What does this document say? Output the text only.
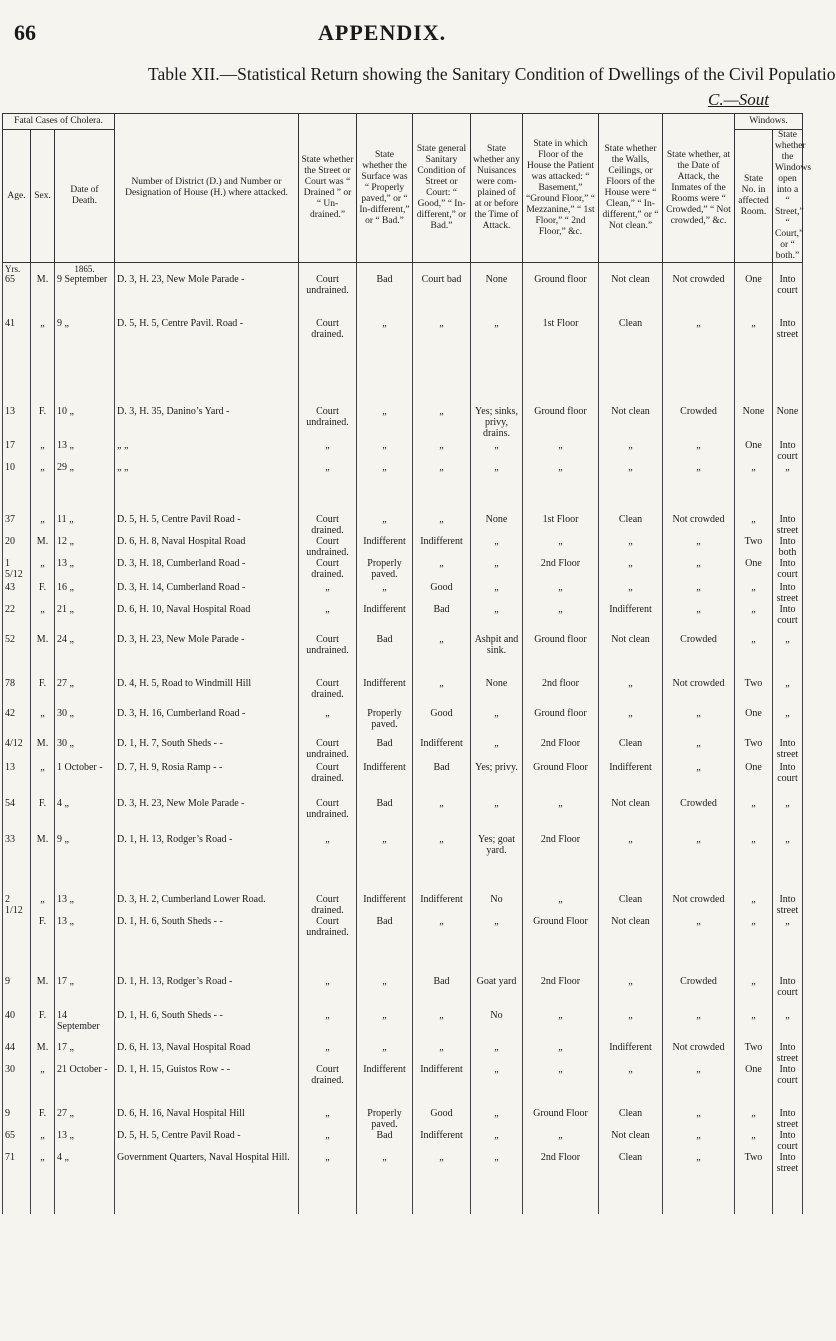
66	APPENDIX.
Table XII.—Statistical Return showing the Sanitary Condition of Dwellings of the Civil Populatio
C.—Sout
Fatal Cases of Cholera.			Number of District (D.) and Number or Designation of House (H.) where attacked.	State whether the Street or Court was “ Drained ” or “ Un-drained.”	State whether the Surface was “ Properly paved,” or “ In-different,” or “ Bad.”	State general Sanitary Condition of Street or Court: “ Good,” “ In-different,” or Bad.”	State whether any Nuisances were com-plained of at or before the Time of Attack.	State in which Floor of the House the Patient was attacked: “ Basement,” “Ground Floor,” “ Mezzanine,” “ 1st Floor,” “ 2nd Floor,” &c.	State whether the Walls, Ceilings, or Floors of the House were “ Clean,” “ In-different,” or “ Not clean.”	State whether, at the Date of Attack, the Inmates of the Rooms were “ Crowded,” “ Not crowded,” &c.	Windows.	
Age.	Sex.	Date of Death.									State No. in affected Room.	State whether the Windows open into a “ Street,” “ Court,” or “ both.”

Yrs.		1865.										

65	M.	9 September	D. 3, H. 23, New Mole Parade -	Court undrained.	Bad	Court bad	None	Ground floor	Not clean	Not crowded	One	Into court
41	„	9 „	D. 5, H. 5, Centre Pavil. Road -	Court drained.	„	„	„	1st Floor	Clean	„	„	Into street
13	F.	10 „	D. 3, H. 35, Danino’s Yard -	Court undrained.	„	„	Yes; sinks, privy, drains.	Ground floor	Not clean	Crowded	None	None
17	„	13 „	„ „	„	„	„	„	„	„	„	One	Into court
10	„	29 „	„ „	„	„	„	„	„	„	„	„	„
37	„	11 „	D. 5, H. 5, Centre Pavil Road -	Court drained.	„	„	None	1st Floor	Clean	Not crowded	„	Into street
20	M.	12 „	D. 6, H. 8, Naval Hospital Road	Court undrained.	Indifferent	Indifferent	„	„	„	„	Two	Into both
1 5/12	„	13 „	D. 3, H. 18, Cumberland Road -	Court drained.	Properly paved.	„	„	2nd Floor	„	„	One	Into court
43	F.	16 „	D. 3, H. 14, Cumberland Road -	„	„	Good	„	„	„	„	„	Into street
22	„	21 „	D. 6, H. 10, Naval Hospital Road	„	Indifferent	Bad	„	„	Indifferent	„	„	Into court
52	M.	24 „	D. 3, H. 23, New Mole Parade -	Court undrained.	Bad	„	Ashpit and sink.	Ground floor	Not clean	Crowded	„	„
78	F.	27 „	D. 4, H. 5, Road to Windmill Hill	Court drained.	Indifferent	„	None	2nd floor	„	Not crowded	Two	„
42	„	30 „	D. 3, H. 16, Cumberland Road -	„	Properly paved.	Good	„	Ground floor	„	„	One	„
4/12	M.	30 „	D. 1, H. 7, South Sheds - -	Court undrained.	Bad	Indifferent	„	2nd Floor	Clean	„	Two	Into street
13	„	1 October -	D. 7, H. 9, Rosia Ramp - -	Court drained.	Indifferent	Bad	Yes; privy.	Ground Floor	Indifferent	„	One	Into court
54	F.	4 „	D. 3, H. 23, New Mole Parade -	Court undrained.	Bad	„	„	„	Not clean	Crowded	„	„
33	M.	9 „	D. 1, H. 13, Rodger’s Road -	„	„	„	Yes; goat yard.	2nd Floor	„	„	„	„
2 1/12	„	13 „	D. 3, H. 2, Cumberland Lower Road.	Court drained.	Indifferent	Indifferent	No	„	Clean	Not crowded	„	Into street
	F.	13 „	D. 1, H. 6, South Sheds - -	Court undrained.	Bad	„	„	Ground Floor	Not clean	„	„	„
9	M.	17 „	D. 1, H. 13, Rodger’s Road -	„	„	Bad	Goat yard	2nd Floor	„	Crowded	„	Into court
40	F.	14 September	D. 1, H. 6, South Sheds - -	„	„	„	No	„	„	„	„	„
44	M.	17 „	D. 6, H. 13, Naval Hospital Road	„	„	„	„	„	Indifferent	Not crowded	Two	Into street
30	„	21 October -	D. 1, H. 15, Guistos Row - -	Court drained.	Indifferent	Indifferent	„	„	„	„	One	Into court
9	F.	27 „	D. 6, H. 16, Naval Hospital Hill	„	Properly paved.	Good	„	Ground Floor	Clean	„	„	Into street
65	„	13 „	D. 5, H. 5, Centre Pavil Road -	„	Bad	Indifferent	„	„	Not clean	„	„	Into court
71	„	4 „	Government Quarters, Naval Hospital Hill.	„	„	„	„	2nd Floor	Clean	„	Two	Into street
